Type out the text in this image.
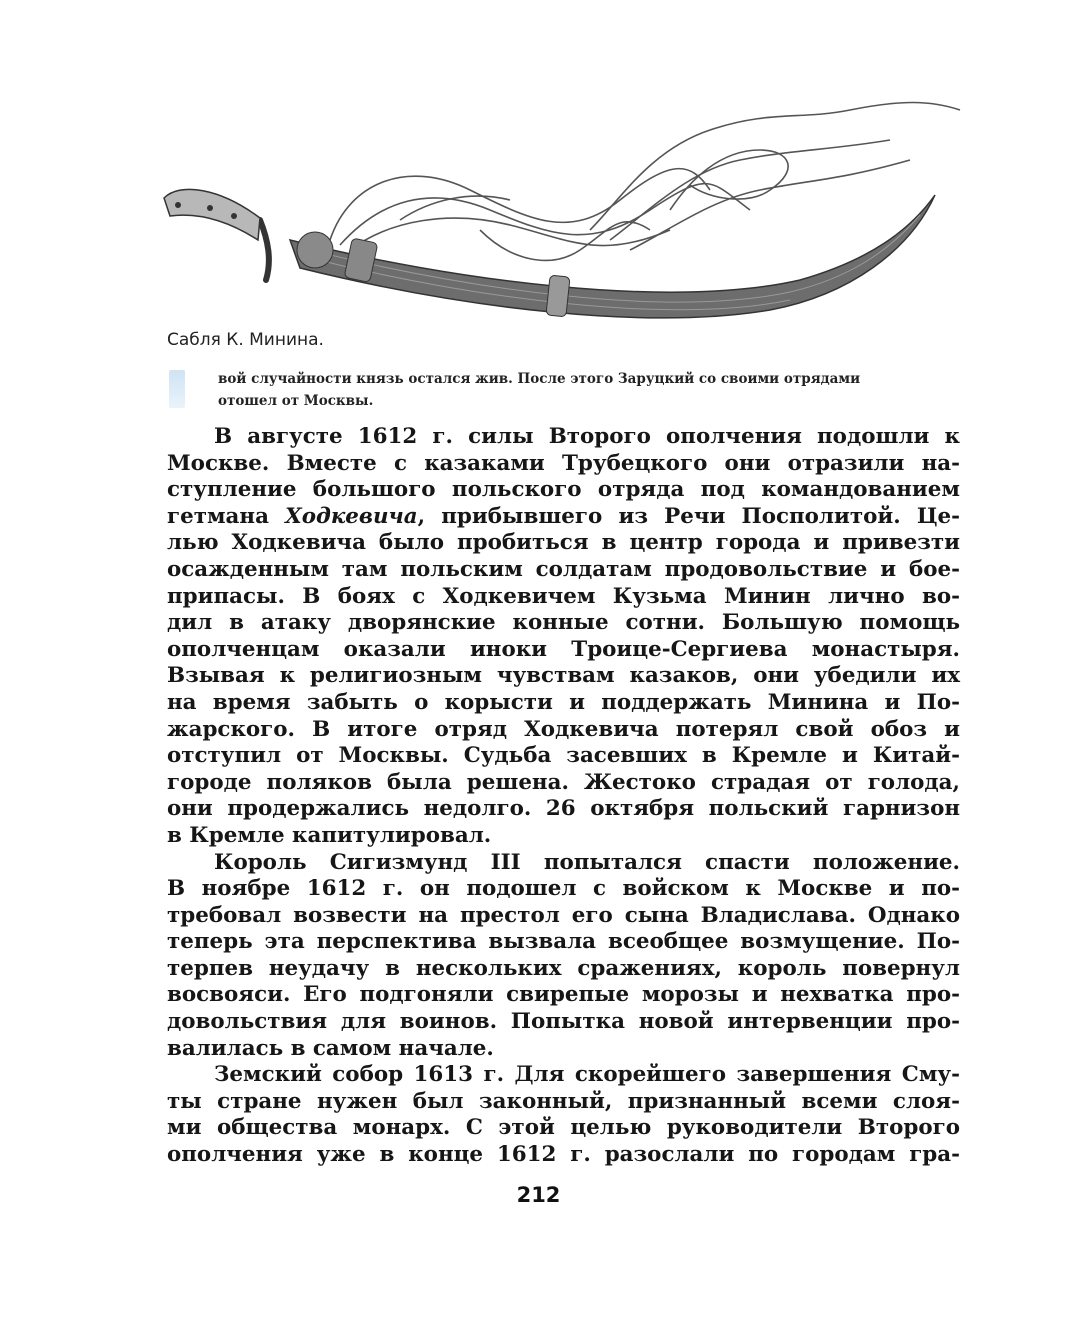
Сабля К. Минина.
вой случайности князь остался жив. После этого Заруцкий со своими отрядами
отошел от Москвы.
В августе 1612 г. силы Второго ополчения подошли к
Москве. Вместе с казаками Трубецкого они отразили на-
ступление большого польского отряда под командованием
гетмана Ходкевича, прибывшего из Речи Посполитой. Це-
лью Ходкевича было пробиться в центр города и привезти
осажденным там польским солдатам продовольствие и бое-
припасы. В боях с Ходкевичем Кузьма Минин лично во-
дил в атаку дворянские конные сотни. Большую помощь
ополченцам оказали иноки Троице-Сергиева монастыря.
Взывая к религиозным чувствам казаков, они убедили их
на время забыть о корысти и поддержать Минина и По-
жарского. В итоге отряд Ходкевича потерял свой обоз и
отступил от Москвы. Судьба засевших в Кремле и Китай-
городе поляков была решена. Жестоко страдая от голода,
они продержались недолго. 26 октября польский гарнизон
в Кремле капитулировал.
Король Сигизмунд III попытался спасти положение.
В ноябре 1612 г. он подошел с войском к Москве и по-
требовал возвести на престол его сына Владислава. Однако
теперь эта перспектива вызвала всеобщее возмущение. По-
терпев неудачу в нескольких сражениях, король повернул
восвояси. Его подгоняли свирепые морозы и нехватка про-
довольствия для воинов. Попытка новой интервенции про-
валилась в самом начале.
Земский собор 1613 г. Для скорейшего завершения Сму-
ты стране нужен был законный, признанный всеми слоя-
ми общества монарх. С этой целью руководители Второго
ополчения уже в конце 1612 г. разослали по городам гра-
212
